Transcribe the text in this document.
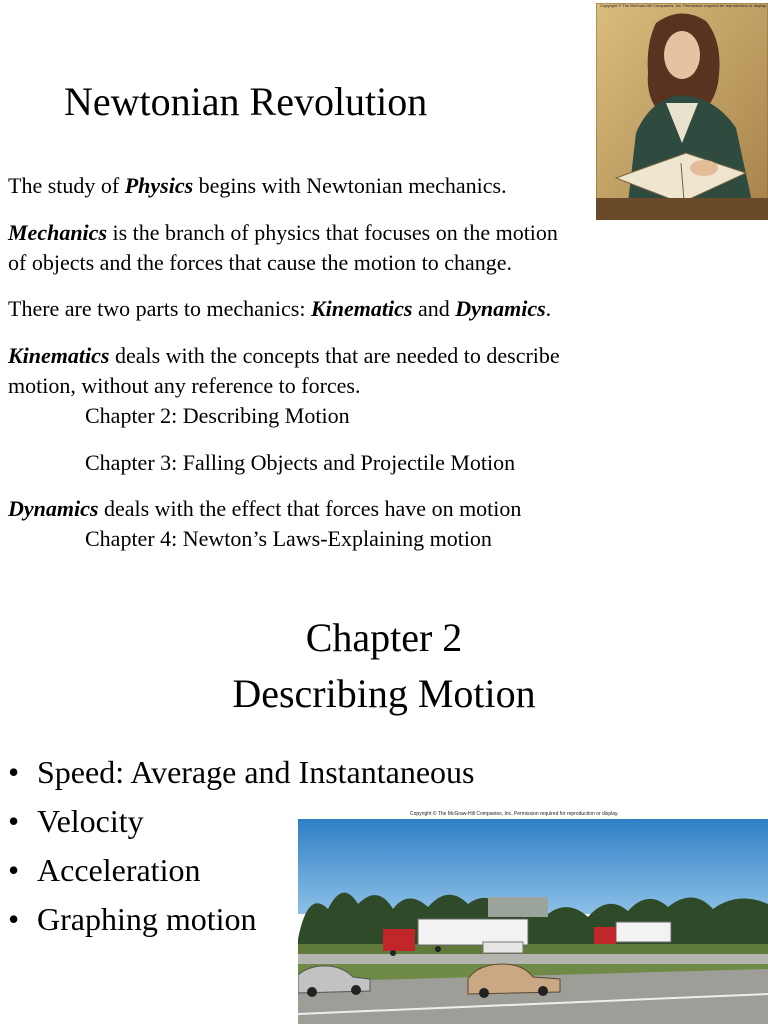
Newtonian Revolution
The study of Physics begins with Newtonian mechanics.
Mechanics is the branch of physics that focuses on the motion
of objects and the forces that cause the motion to change.
There are two parts to mechanics: Kinematics and Dynamics.
Kinematics deals with the concepts that are needed to describe
motion, without any reference to forces.
Chapter 2: Describing Motion
Chapter 3: Falling Objects and Projectile Motion
Dynamics deals with the effect that forces have on motion
Chapter 4: Newton’s Laws-Explaining motion
Copyright © The McGraw-Hill Companies, Inc. Permission required for reproduction or display.
Chapter 2
Describing Motion
• Speed: Average and Instantaneous
• Velocity
• Acceleration
• Graphing motion
Copyright © The McGraw-Hill Companies, Inc. Permission required for reproduction or display.
